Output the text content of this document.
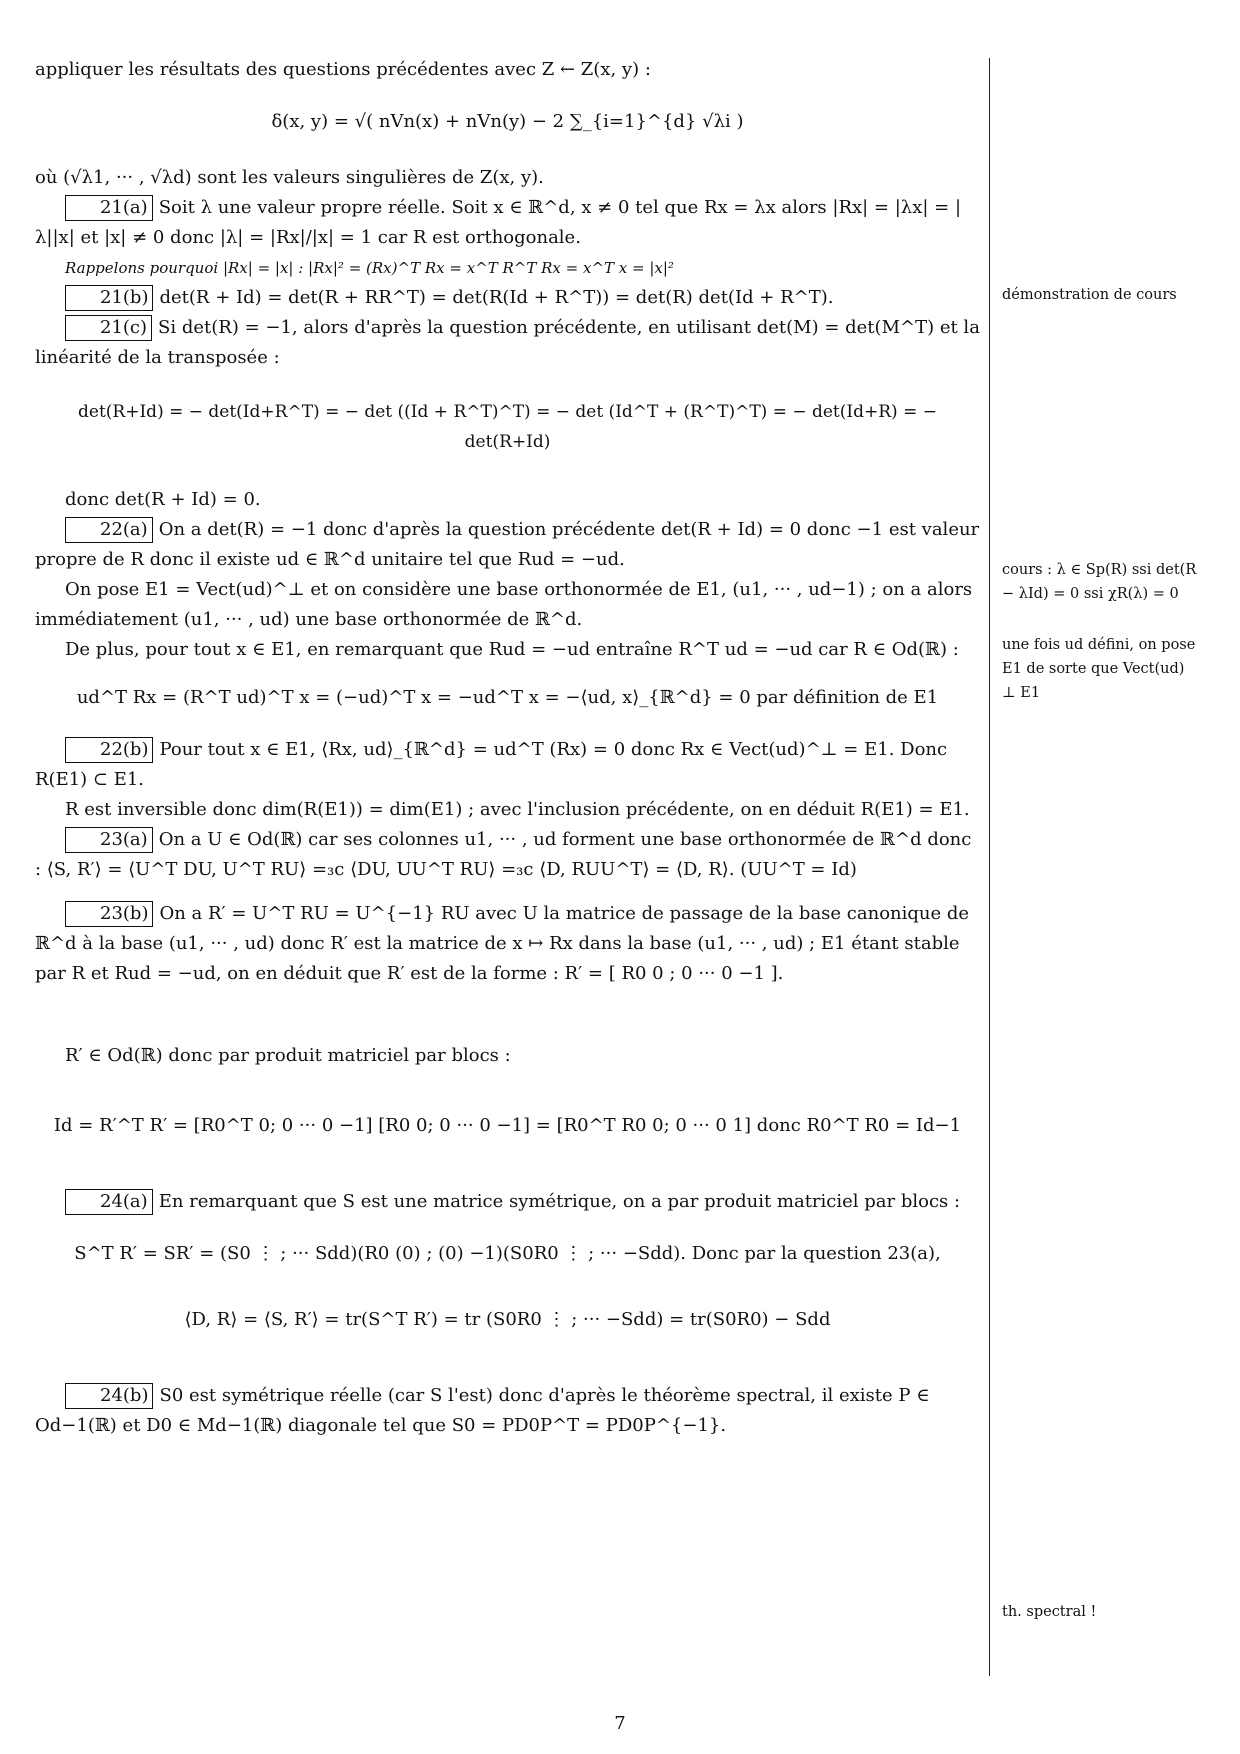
appliquer les résultats des questions précédentes avec Z ← Z(x, y) :

δ(x, y) = √( nVn(x) + nVn(y) − 2 ∑_{i=1}^{d} √λi )

où (√λ1, ··· , √λd) sont les valeurs singulières de Z(x, y).

21(a) Soit λ une valeur propre réelle. Soit x ∈ ℝ^d, x ≠ 0 tel que Rx = λx alors |Rx| = |λx| = |λ||x| et |x| ≠ 0 donc |λ| = |Rx|/|x| = 1 car R est orthogonale.

Rappelons pourquoi |Rx| = |x| : |Rx|² = (Rx)^T Rx = x^T R^T Rx = x^T x = |x|²

21(b) det(R + Id) = det(R + RR^T) = det(R(Id + R^T)) = det(R) det(Id + R^T).

21(c) Si det(R) = −1, alors d'après la question précédente, en utilisant det(M) = det(M^T) et la linéarité de la transposée :

det(R+Id) = − det(Id+R^T) = − det ((Id + R^T)^T) = − det (Id^T + (R^T)^T) = − det(Id+R) = − det(R+Id)

donc det(R + Id) = 0.

22(a) On a det(R) = −1 donc d'après la question précédente det(R + Id) = 0 donc −1 est valeur propre de R donc il existe ud ∈ ℝ^d unitaire tel que Rud = −ud.

On pose E1 = Vect(ud)^⊥ et on considère une base orthonormée de E1, (u1, ··· , ud−1) ; on a alors immédiatement (u1, ··· , ud) une base orthonormée de ℝ^d.

De plus, pour tout x ∈ E1, en remarquant que Rud = −ud entraîne R^T ud = −ud car R ∈ Od(ℝ) :

ud^T Rx = (R^T ud)^T x = (−ud)^T x = −ud^T x = −⟨ud, x⟩_{ℝ^d} = 0 par définition de E1

22(b) Pour tout x ∈ E1, ⟨Rx, ud⟩_{ℝ^d} = ud^T (Rx) = 0 donc Rx ∈ Vect(ud)^⊥ = E1. Donc R(E1) ⊂ E1.

R est inversible donc dim(R(E1)) = dim(E1) ; avec l'inclusion précédente, on en déduit R(E1) = E1.

23(a) On a U ∈ Od(ℝ) car ses colonnes u1, ··· , ud forment une base orthonormée de ℝ^d donc : ⟨S, R′⟩ = ⟨U^T DU, U^T RU⟩ =₃c ⟨DU, UU^T RU⟩ =₃c ⟨D, RUU^T⟩ = ⟨D, R⟩. (UU^T = Id)

23(b) On a R′ = U^T RU = U^{−1} RU avec U la matrice de passage de la base canonique de ℝ^d à la base (u1, ··· , ud) donc R′ est la matrice de x ↦ Rx dans la base (u1, ··· , ud) ; E1 étant stable par R et Rud = −ud, on en déduit que R′ est de la forme : R′ = [ R0 0 ; 0 ··· 0 −1 ].

R′ ∈ Od(ℝ) donc par produit matriciel par blocs :

Id = R′^T R′ = [R0^T 0; 0 ··· 0 −1] [R0 0; 0 ··· 0 −1] = [R0^T R0 0; 0 ··· 0 1] donc R0^T R0 = Id−1

24(a) En remarquant que S est une matrice symétrique, on a par produit matriciel par blocs :

S^T R′ = SR′ = (S0 ⋮ ; ··· Sdd)(R0 (0) ; (0) −1)(S0R0 ⋮ ; ··· −Sdd). Donc par la question 23(a),

⟨D, R⟩ = ⟨S, R′⟩ = tr(S^T R′) = tr (S0R0 ⋮ ; ··· −Sdd) = tr(S0R0) − Sdd

24(b) S0 est symétrique réelle (car S l'est) donc d'après le théorème spectral, il existe P ∈ Od−1(ℝ) et D0 ∈ Md−1(ℝ) diagonale tel que S0 = PD0P^T = PD0P^{−1}.

démonstration de cours
cours : λ ∈ Sp(R) ssi det(R − λId) = 0 ssi χR(λ) = 0
une fois ud défini, on pose E1 de sorte que Vect(ud) ⊥ E1
th. spectral !
7
